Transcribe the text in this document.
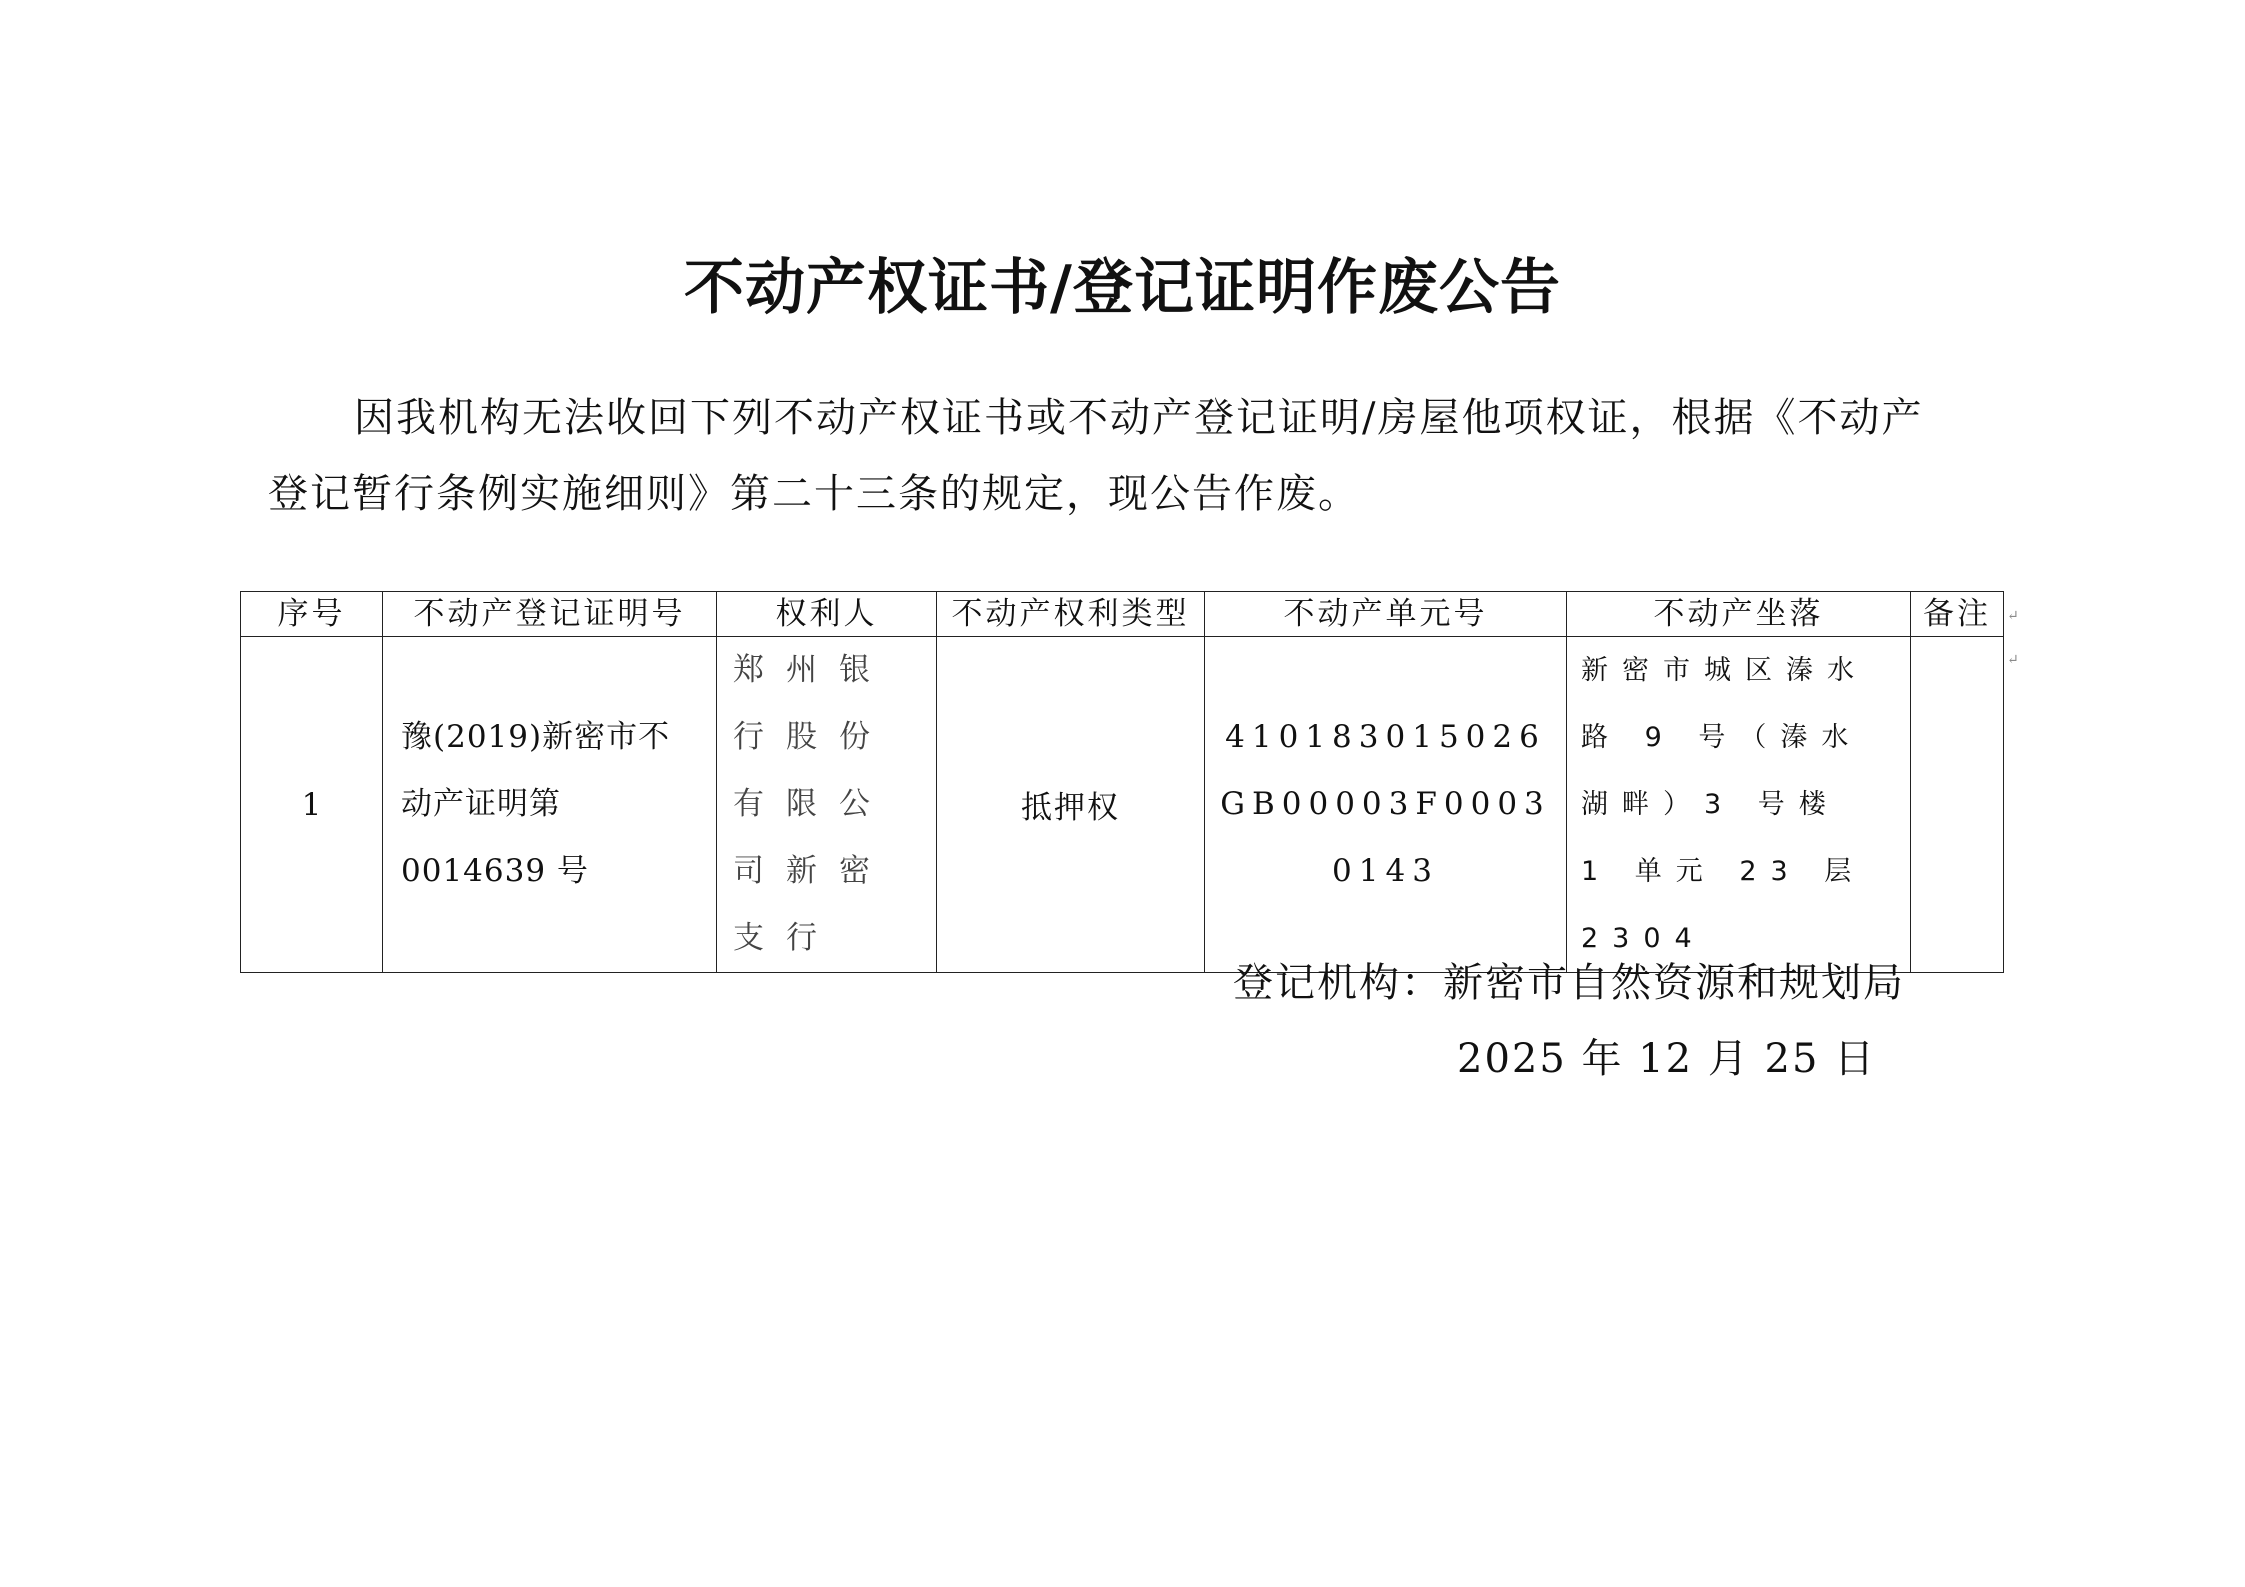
不动产权证书/登记证明作废公告
因我机构无法收回下列不动产权证书或不动产登记证明/房屋他项权证，根据《不动产
登记暂行条例实施细则》第二十三条的规定，现公告作废。
序号	不动产登记证明号	权利人	不动产权利类型	不动产单元号	不动产坐落	备注
1	豫(2019)新密市不动产证明第 0014639 号	郑州银行股份有限公司新密支行	抵押权	410183015026GB00003F00030143	新密市城区溱水路 9 号（溱水湖畔）3 号楼 1 单元 23 层 2304	
↵
↵
登记机构：新密市自然资源和规划局
2025 年 12 月 25 日
